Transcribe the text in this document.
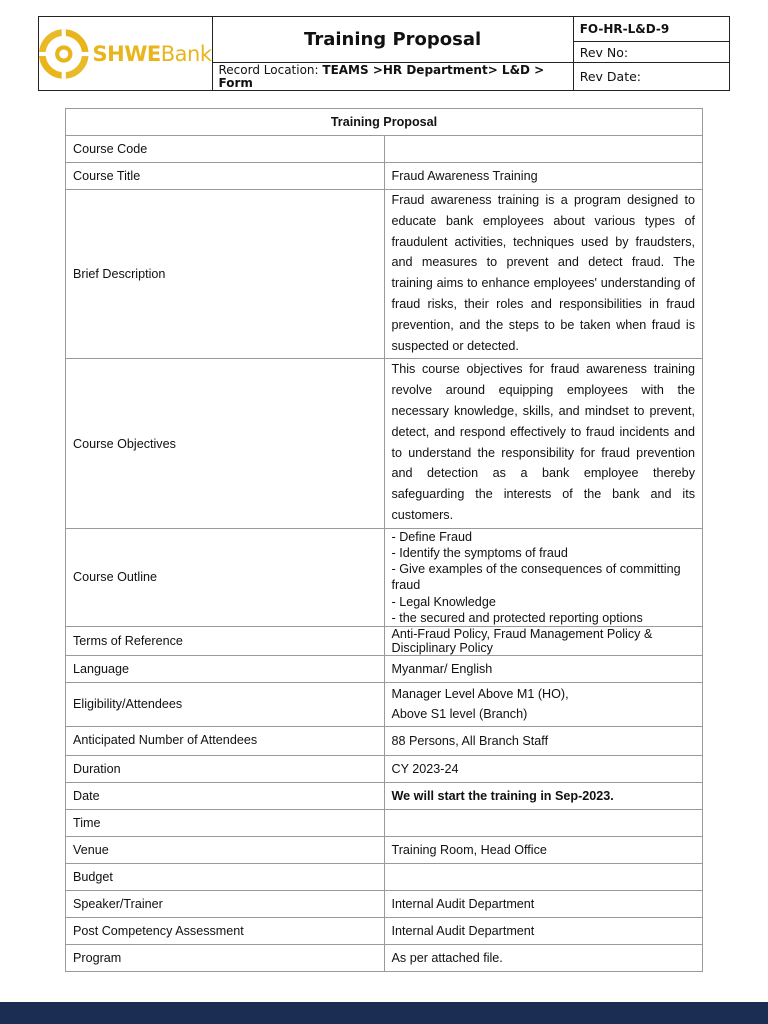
SHWEBank	Training Proposal	FO-HR-L&D-9
		Rev No:
	Record Location: TEAMS >HR Department> L&D > Form	Rev Date:
Training Proposal	
Course Code	
Course Title	Fraud Awareness Training
Brief Description	Fraud awareness training is a program designed to educate bank employees about various types of fraudulent activities, techniques used by fraudsters, and measures to prevent and detect fraud. The training aims to enhance employees' understanding of fraud risks, their roles and responsibilities in fraud prevention, and the steps to be taken when fraud is suspected or detected.
Course Objectives	This course objectives for fraud awareness training revolve around equipping employees with the necessary knowledge, skills, and mindset to prevent, detect, and respond effectively to fraud incidents and to understand the responsibility for fraud prevention and detection as a bank employee thereby safeguarding the interests of the bank and its customers.
Course Outline	- Define Fraud
- Identify the symptoms of fraud
- Give examples of the consequences of committing fraud
- Legal Knowledge
- the secured and protected reporting options

Terms of Reference	Anti-Fraud Policy, Fraud Management Policy & Disciplinary Policy
Language	Myanmar/ English
Eligibility/Attendees	Manager Level Above M1 (HO),
Above S1 level (Branch)

Anticipated Number of Attendees	88 Persons, All Branch Staff
Duration	CY 2023-24
Date	We will start the training in Sep-2023.
Time	
Venue	Training Room, Head Office
Budget	
Speaker/Trainer	Internal Audit Department
Post Competency Assessment	Internal Audit Department
Program	As per attached file.
